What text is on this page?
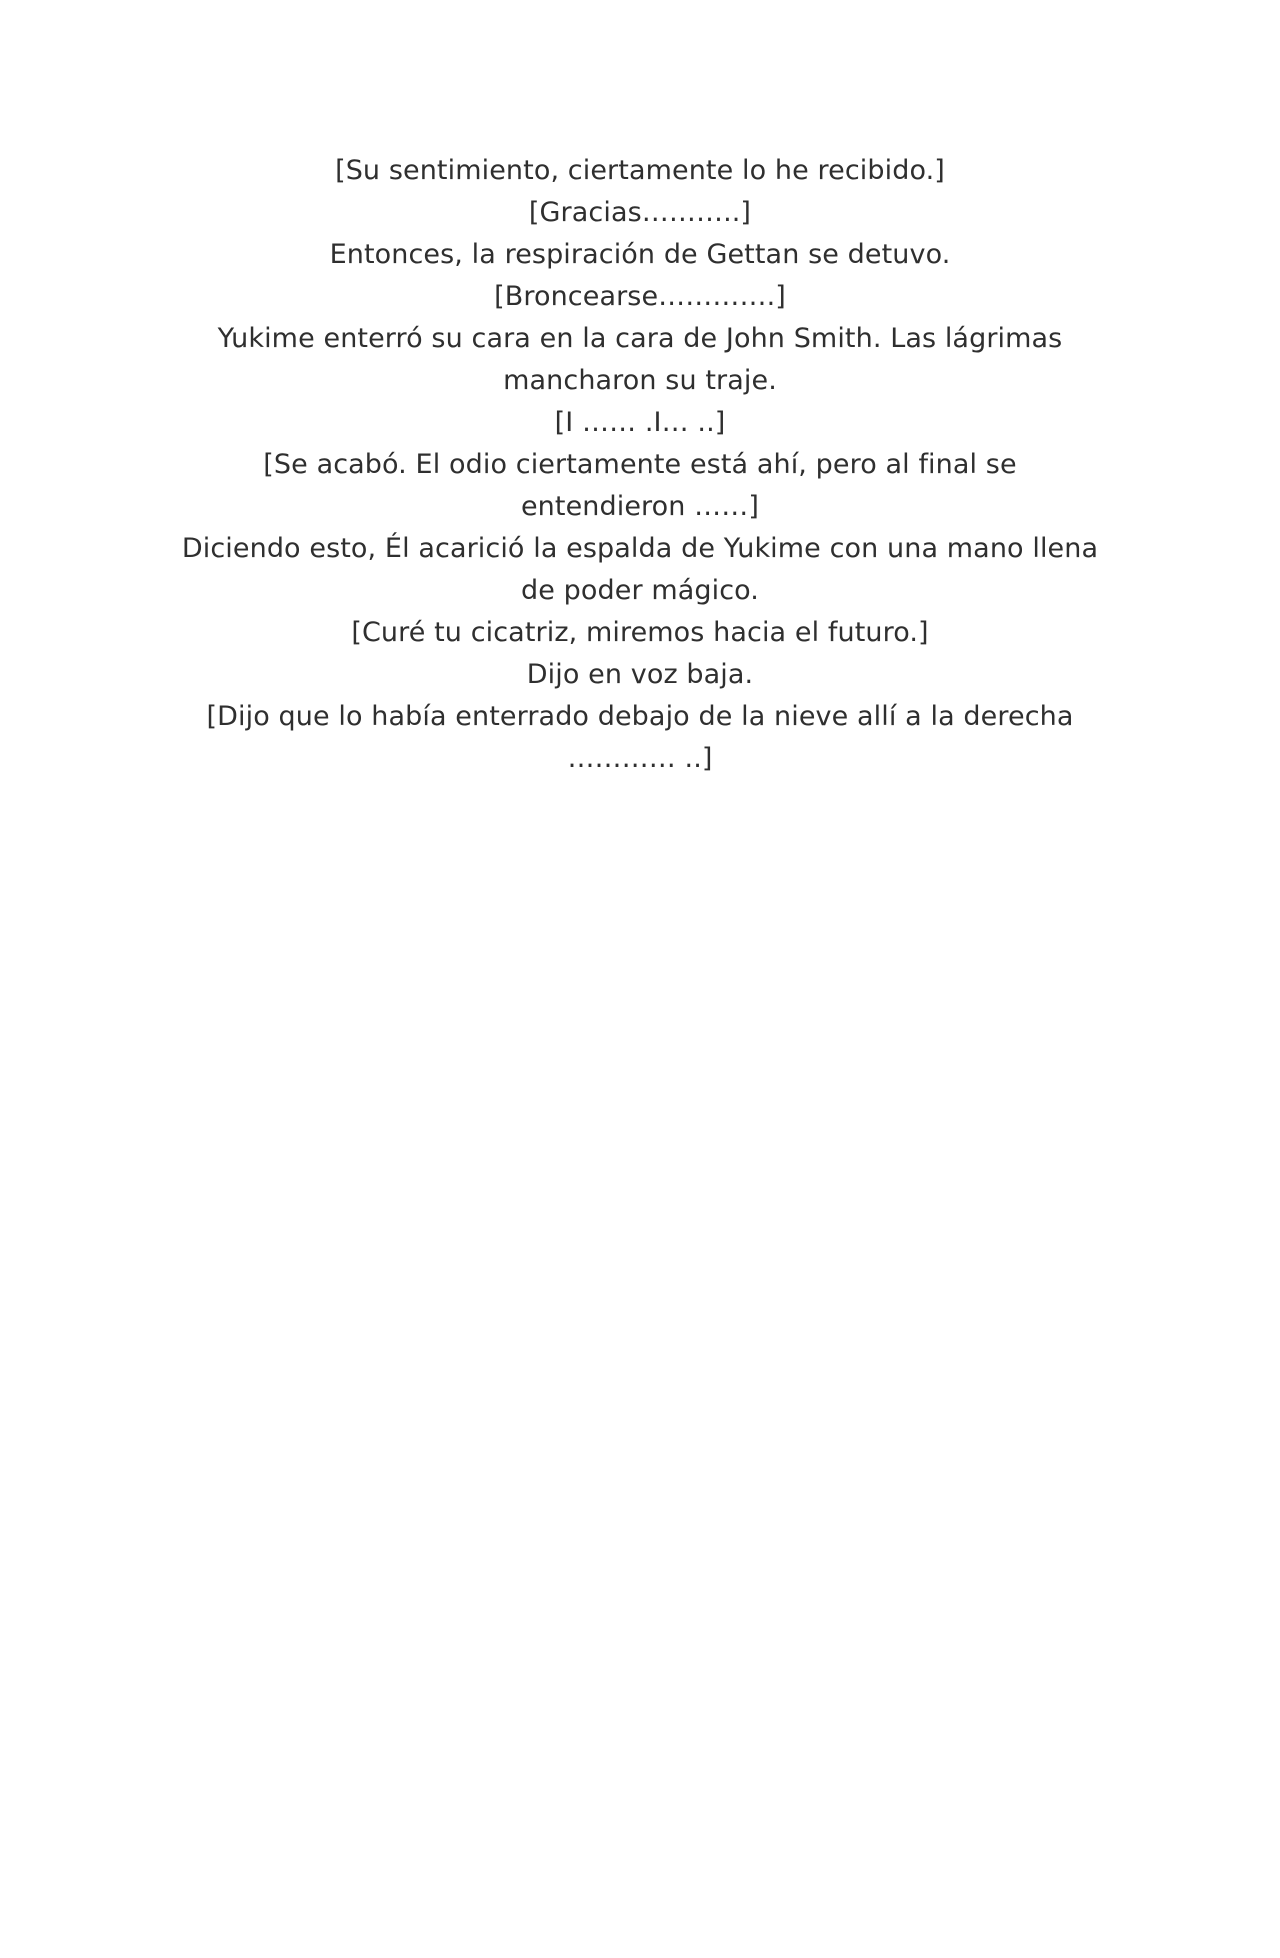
[Su sentimiento, ciertamente lo he recibido.]

[Gracias………..]

Entonces, la respiración de Gettan se detuvo.

[Broncearse………….]

Yukime enterró su cara en la cara de John Smith. Las lágrimas mancharon su traje.

[I …… .I… ..]

[Se acabó. El odio ciertamente está ahí, pero al final se entendieron ……]

Diciendo esto, Él acarició la espalda de Yukime con una mano llena de poder mágico.

[Curé tu cicatriz, miremos hacia el futuro.]

Dijo en voz baja.

[Dijo que lo había enterrado debajo de la nieve allí a la derecha ………… ..]
